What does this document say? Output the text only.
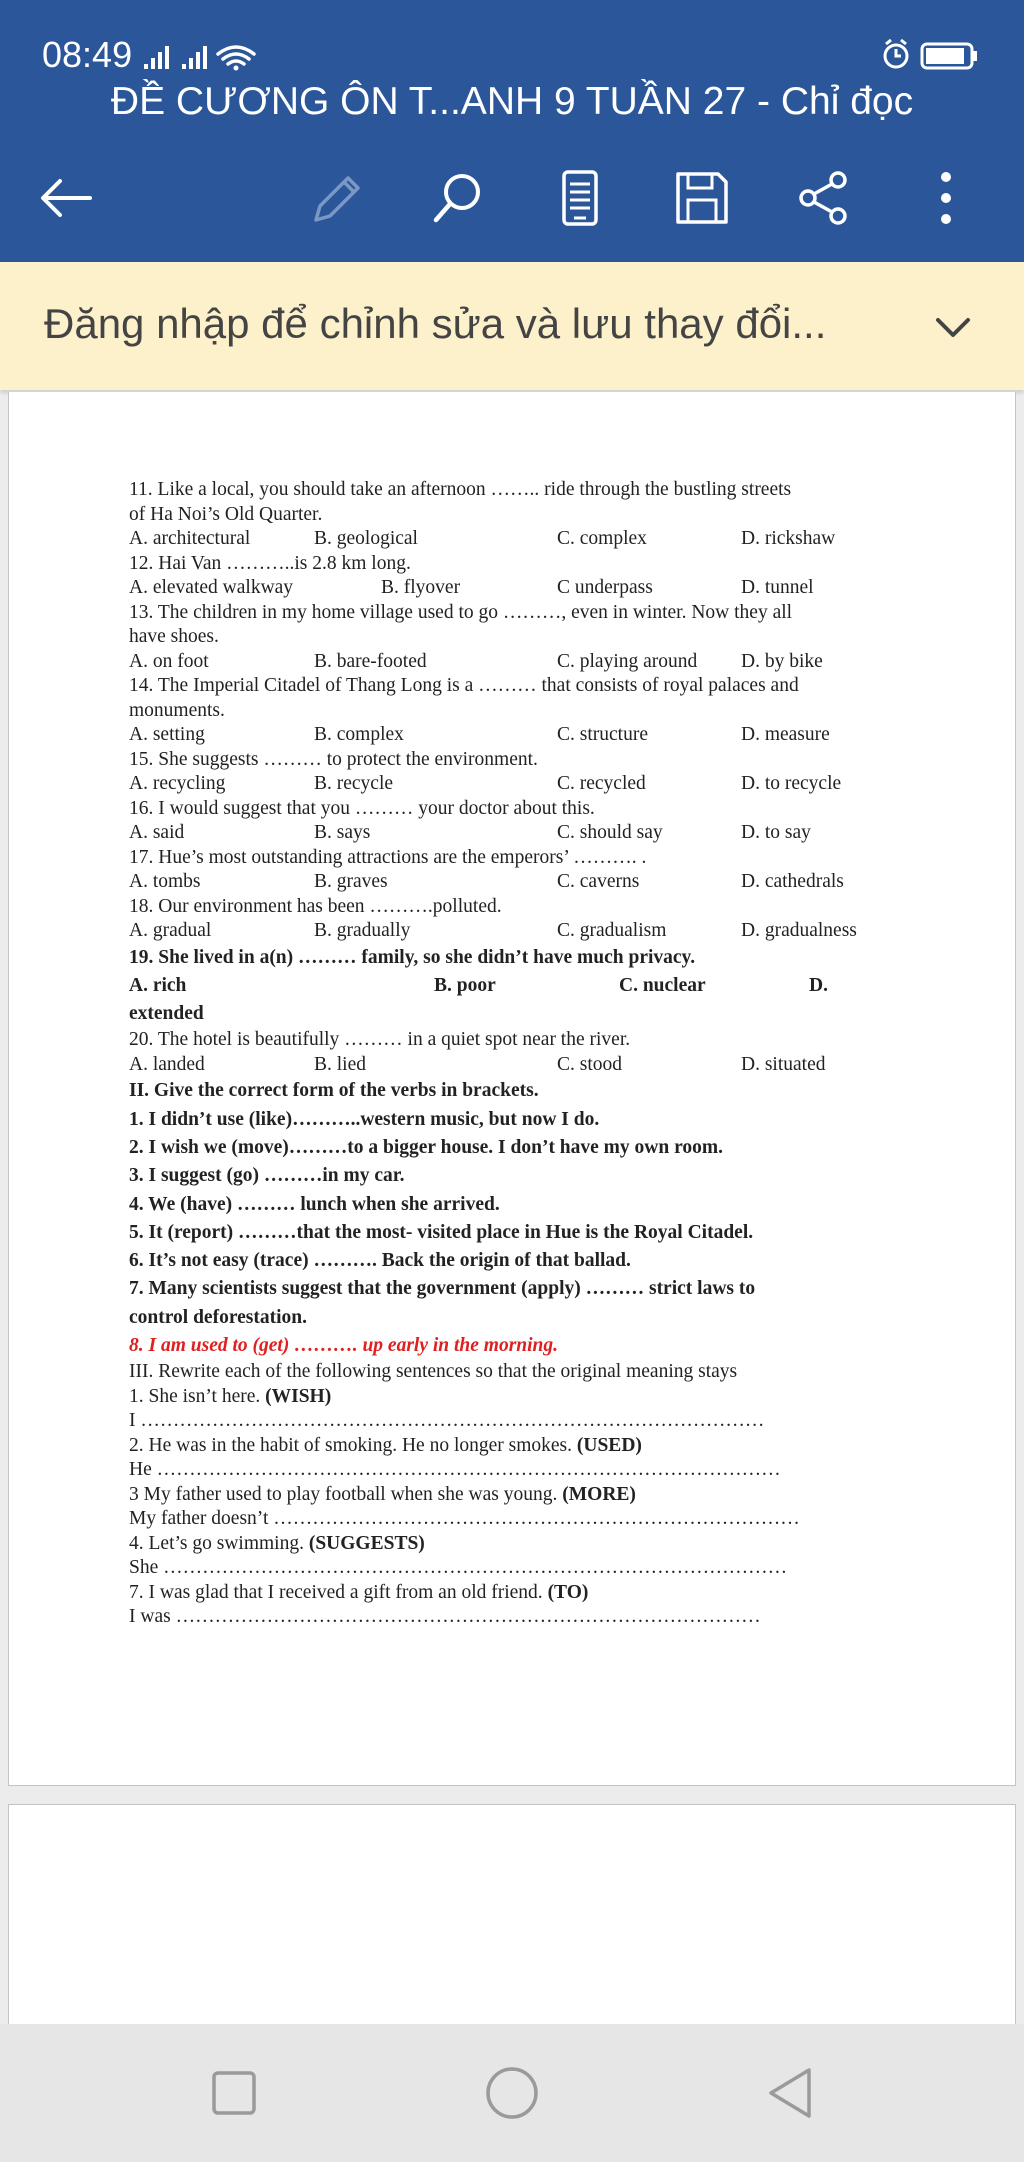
08:49
ĐỀ CƯƠNG ÔN T...ANH 9 TUẦN 27 - Chỉ đọc
Đăng nhập để chỉnh sửa và lưu thay đổi...
11. Like a local, you should take an afternoon …….. ride through the bustling streets
of Ha Noi’s Old Quarter.
A. architectural	B. geological	C. complex	D. rickshaw
12. Hai Van ………..is 2.8 km long.
A. elevated walkway	B. flyover	C underpass	D. tunnel
13. The children in my home village used to go ………, even in winter. Now they all
have shoes.
A. on foot	B. bare-footed	C. playing around D. by bike
14. The Imperial Citadel of Thang Long is a ……… that consists of royal palaces and
monuments.
A. setting	B. complex	C. structure	D. measure
15. She suggests ……… to protect the environment.
A. recycling	B. recycle	C. recycled	D. to recycle
16. I would suggest that you ……… your doctor about this.
A. said	B. says	C. should say	D. to say
17. Hue’s most outstanding attractions are the emperors’ ………. .
A. tombs	B. graves	C. caverns	D. cathedrals
18. Our environment has been ……….polluted.
A. gradual	B. gradually	C. gradualism	D. gradualness
19. She lived in a(n) ……… family, so she didn’t have much privacy.
A. rich	B. poor	C. nuclear	D.
extended
20. The hotel is beautifully ……… in a quiet spot near the river.
A. landed	B. lied	C. stood	D. situated
II. Give the correct form of the verbs in brackets.
1. I didn’t use (like)………..western music, but now I do.
2. I wish we (move)………to a bigger house. I don’t have my own room.
3. I suggest (go) ………in my car.
4. We (have) ……… lunch when she arrived.
5. It (report) ………that the most- visited place in Hue is the Royal Citadel.
6. It’s not easy (trace) ………. Back the origin of that ballad.
7. Many scientists suggest that the government (apply) ……… strict laws to
control deforestation.
8. I am used to (get) ………. up early in the morning.
III. Rewrite each of the following sentences so that the original meaning stays
1. She isn’t here. (WISH)
I ……………………………………………………………………………………
2. He was in the habit of smoking. He no longer smokes. (USED)
He ……………………………………………………………………………………
3 My father used to play football when she was young. (MORE)
My father doesn’t ………………………………………………………………………
4. Let’s go swimming. (SUGGESTS)
She ……………………………………………………………………………………
7. I was glad that I received a gift from an old friend. (TO)
I was ………………………………………………………………………………
